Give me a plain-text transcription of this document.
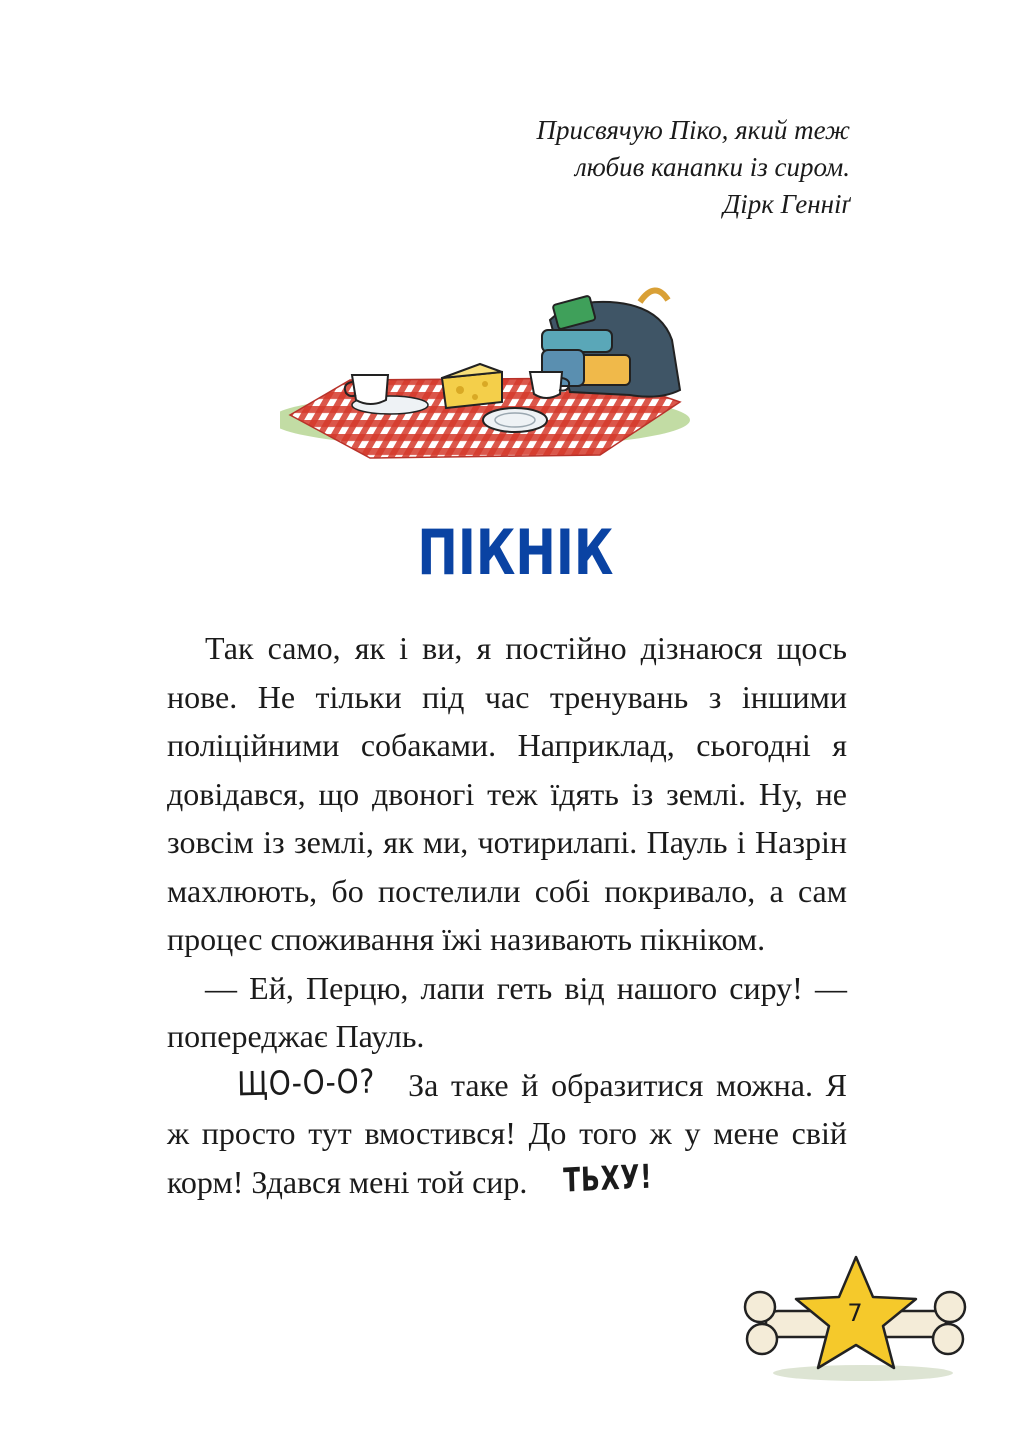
Присвячую Піко, який теж
любив канапки із сиром.
Дірк Генніґ
ПІКНІК

Так само, як і ви, я постійно дізнаюся щось нове. Не тільки під час тренувань з іншими поліційними собаками. Наприклад, сьогодні я довідався, що двоногі теж їдять із землі. Ну, не зовсім із землі, як ми, чотирилапі. Пауль і Назрін махлюють, бо постелили собі покривало, а сам процес споживання їжі називають пікніком.

— Ей, Перцю, лапи геть від нашого сиру! — попереджає Пауль.

ЩО-О-О? За таке й образитися можна. Я ж просто тут вмостився! До того ж у мене свій корм! Здався мені той сир. ТЬХУ!

7
